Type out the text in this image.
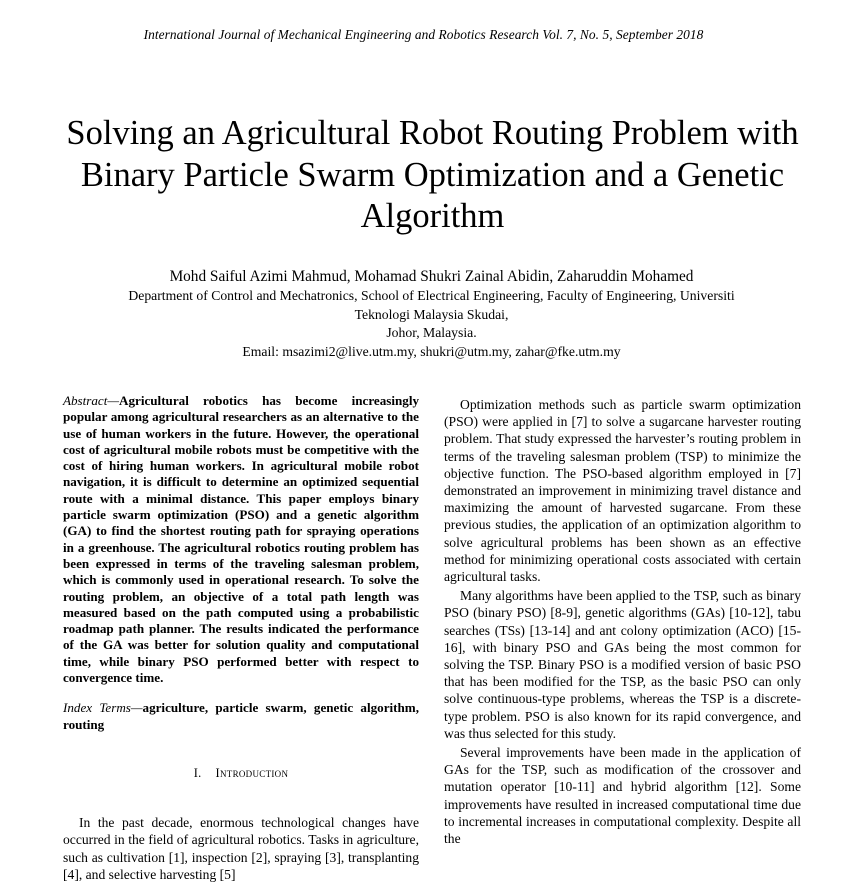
International Journal of Mechanical Engineering and Robotics Research Vol. 7, No. 5, September 2018
Solving an Agricultural Robot Routing Problem with Binary Particle Swarm Optimization and a Genetic Algorithm
Mohd Saiful Azimi Mahmud, Mohamad Shukri Zainal Abidin, Zaharuddin Mohamed
Department of Control and Mechatronics, School of Electrical Engineering, Faculty of Engineering, Universiti
Teknologi Malaysia Skudai,
Johor, Malaysia.
Email: msazimi2@live.utm.my, shukri@utm.my, zahar@fke.utm.my
Abstract—Agricultural robotics has become increasingly popular among agricultural researchers as an alternative to the use of human workers in the future. However, the operational cost of agricultural mobile robots must be competitive with the cost of hiring human workers. In agricultural mobile robot navigation, it is difficult to determine an optimized sequential route with a minimal distance. This paper employs binary particle swarm optimization (PSO) and a genetic algorithm (GA) to find the shortest routing path for spraying operations in a greenhouse. The agricultural robotics routing problem has been expressed in terms of the traveling salesman problem, which is commonly used in operational research. To solve the routing problem, an objective of a total path length was measured based on the path computed using a probabilistic roadmap path planner. The results indicated the performance of the GA was better for solution quality and computational time, while binary PSO performed better with respect to convergence time.
Index Terms—agriculture, particle swarm, genetic algorithm, routing
I. Introduction
In the past decade, enormous technological changes have occurred in the field of agricultural robotics. Tasks in agriculture, such as cultivation [1], inspection [2], spraying [3], transplanting [4], and selective harvesting [5]

Optimization methods such as particle swarm optimization (PSO) were applied in [7] to solve a sugarcane harvester routing problem. That study expressed the harvester’s routing problem in terms of the traveling salesman problem (TSP) to minimize the objective function. The PSO-based algorithm employed in [7] demonstrated an improvement in minimizing travel distance and maximizing the amount of harvested sugarcane. From these previous studies, the application of an optimization algorithm to solve agricultural problems has been shown as an effective method for minimizing operational costs associated with certain agricultural tasks.

Many algorithms have been applied to the TSP, such as binary PSO (binary PSO) [8-9], genetic algorithms (GAs) [10-12], tabu searches (TSs) [13-14] and ant colony optimization (ACO) [15-16], with binary PSO and GAs being the most common for solving the TSP. Binary PSO is a modified version of basic PSO that has been modified for the TSP, as the basic PSO can only solve continuous-type problems, whereas the TSP is a discrete-type problem. PSO is also known for its rapid convergence, and was thus selected for this study.

Several improvements have been made in the application of GAs for the TSP, such as modification of the crossover and mutation operator [10-11] and hybrid algorithm [12]. Some improvements have resulted in increased computational time due to incremental increases in computational complexity. Despite all the
